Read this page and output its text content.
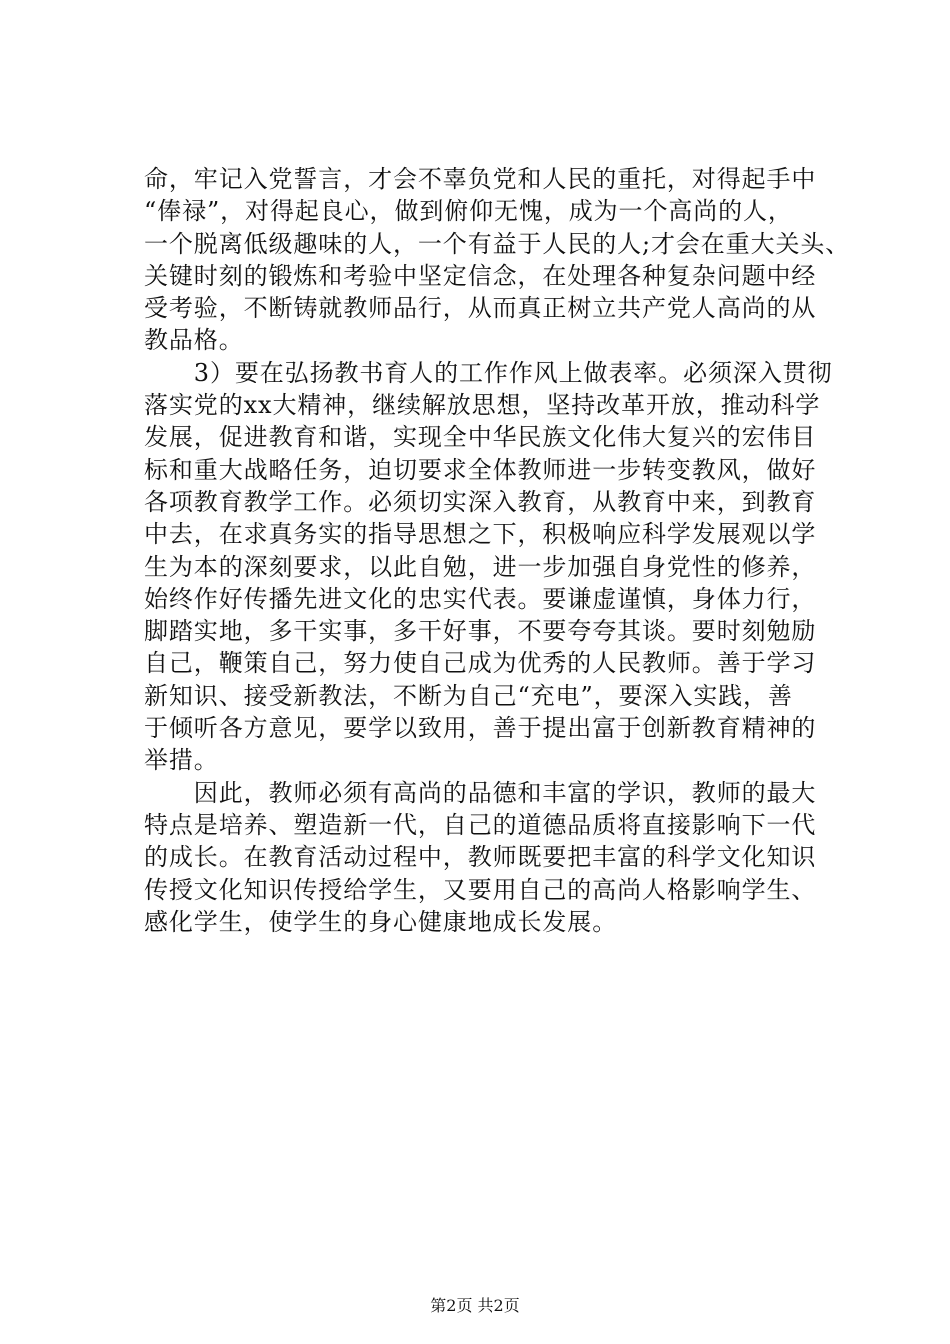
命，牢记入党誓言，才会不辜负党和人民的重托，对得起手中
“俸禄”，对得起良心，做到俯仰无愧，成为一个高尚的人，
一个脱离低级趣味的人，一个有益于人民的人;才会在重大关头、
关键时刻的锻炼和考验中坚定信念，在处理各种复杂问题中经
受考验，不断铸就教师品行，从而真正树立共产党人高尚的从
教品格。
　　3）要在弘扬教书育人的工作作风上做表率。必须深入贯彻
落实党的xx大精神，继续解放思想，坚持改革开放，推动科学
发展，促进教育和谐，实现全中华民族文化伟大复兴的宏伟目
标和重大战略任务，迫切要求全体教师进一步转变教风，做好
各项教育教学工作。必须切实深入教育，从教育中来，到教育
中去，在求真务实的指导思想之下，积极响应科学发展观以学
生为本的深刻要求，以此自勉，进一步加强自身党性的修养，
始终作好传播先进文化的忠实代表。要谦虚谨慎，身体力行，
脚踏实地，多干实事，多干好事，不要夸夸其谈。要时刻勉励
自己，鞭策自己，努力使自己成为优秀的人民教师。善于学习
新知识、接受新教法，不断为自己“充电”，要深入实践，善
于倾听各方意见，要学以致用，善于提出富于创新教育精神的
举措。
　　因此，教师必须有高尚的品德和丰富的学识，教师的最大
特点是培养、塑造新一代，自己的道德品质将直接影响下一代
的成长。在教育活动过程中，教师既要把丰富的科学文化知识
传授文化知识传授给学生，又要用自己的高尚人格影响学生、
感化学生，使学生的身心健康地成长发展。
第2页 共2页
